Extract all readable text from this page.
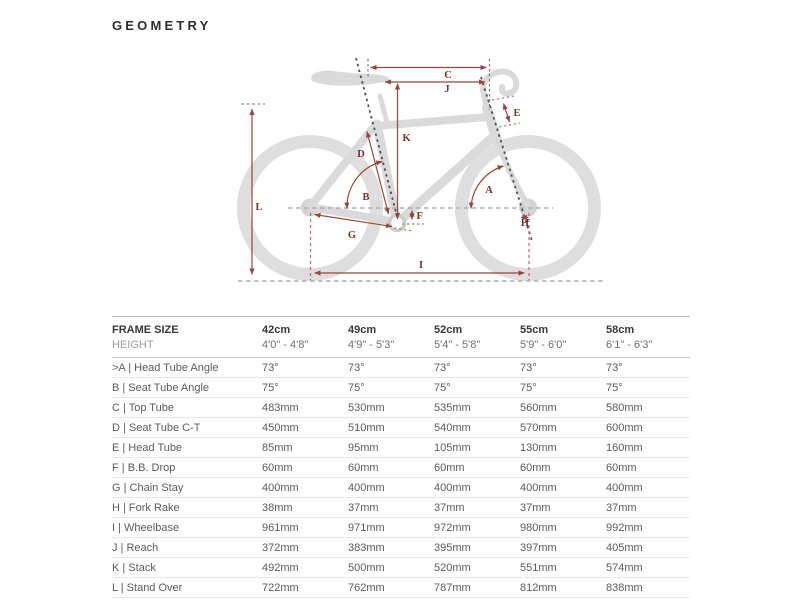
GEOMETRY
C
J
K
D
B
A
E
F
G
H
I
L
FRAME SIZE	42cm	49cm	52cm	55cm	58cm
HEIGHT	4'0" - 4'8"	4'9" - 5'3"	5'4" - 5'8"	5'9" - 6'0"	6'1" - 6'3"
>A | Head Tube Angle	73°	73°	73°	73°	73°
B | Seat Tube Angle	75°	75°	75°	75°	75°
C | Top Tube	483mm	530mm	535mm	560mm	580mm
D | Seat Tube C-T	450mm	510mm	540mm	570mm	600mm
E | Head Tube	85mm	95mm	105mm	130mm	160mm
F | B.B. Drop	60mm	60mm	60mm	60mm	60mm
G | Chain Stay	400mm	400mm	400mm	400mm	400mm
H | Fork Rake	38mm	37mm	37mm	37mm	37mm
I | Wheelbase	961mm	971mm	972mm	980mm	992mm
J | Reach	372mm	383mm	395mm	397mm	405mm
K | Stack	492mm	500mm	520mm	551mm	574mm
L | Stand Over	722mm	762mm	787mm	812mm	838mm
